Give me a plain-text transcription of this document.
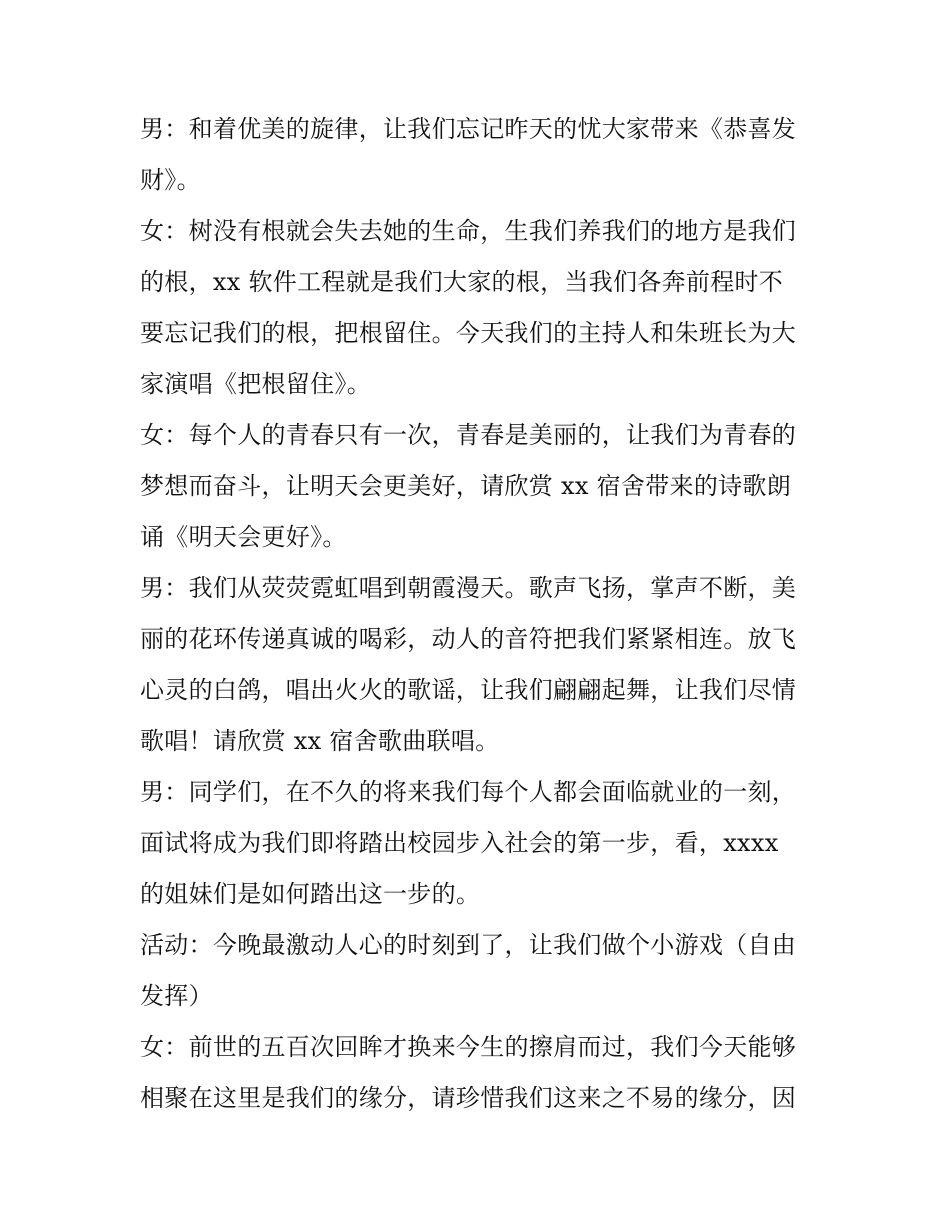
男：和着优美的旋律，让我们忘记昨天的忧大家带来《恭喜发
财》。
女：树没有根就会失去她的生命，生我们养我们的地方是我们
的根，xx 软件工程就是我们大家的根，当我们各奔前程时不
要忘记我们的根，把根留住。今天我们的主持人和朱班长为大
家演唱《把根留住》。
女：每个人的青春只有一次，青春是美丽的，让我们为青春的
梦想而奋斗，让明天会更美好，请欣赏 xx 宿舍带来的诗歌朗
诵《明天会更好》。
男：我们从荧荧霓虹唱到朝霞漫天。歌声飞扬，掌声不断，美
丽的花环传递真诚的喝彩，动人的音符把我们紧紧相连。放飞
心灵的白鸽，唱出火火的歌谣，让我们翩翩起舞，让我们尽情
歌唱！请欣赏 xx 宿舍歌曲联唱。
男：同学们，在不久的将来我们每个人都会面临就业的一刻，
面试将成为我们即将踏出校园步入社会的第一步，看，xxxx
的姐妹们是如何踏出这一步的。
活动：今晚最激动人心的时刻到了，让我们做个小游戏（自由
发挥）
女：前世的五百次回眸才换来今生的擦肩而过，我们今天能够
相聚在这里是我们的缘分，请珍惜我们这来之不易的缘分，因
